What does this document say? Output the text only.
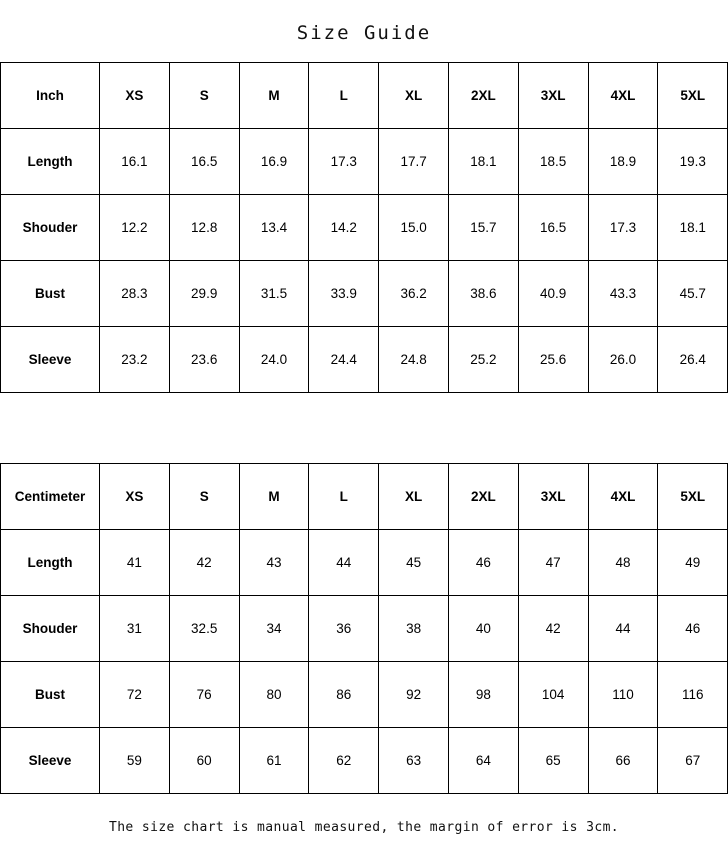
Size Guide
Inch	XS	S	M	L	XL	2XL	3XL	4XL	5XL
Length	16.1	16.5	16.9	17.3	17.7	18.1	18.5	18.9	19.3
Shouder	12.2	12.8	13.4	14.2	15.0	15.7	16.5	17.3	18.1
Bust	28.3	29.9	31.5	33.9	36.2	38.6	40.9	43.3	45.7
Sleeve	23.2	23.6	24.0	24.4	24.8	25.2	25.6	26.0	26.4
Centimeter	XS	S	M	L	XL	2XL	3XL	4XL	5XL
Length	41	42	43	44	45	46	47	48	49
Shouder	31	32.5	34	36	38	40	42	44	46
Bust	72	76	80	86	92	98	104	110	116
Sleeve	59	60	61	62	63	64	65	66	67
The size chart is manual measured, the margin of error is 3cm.
